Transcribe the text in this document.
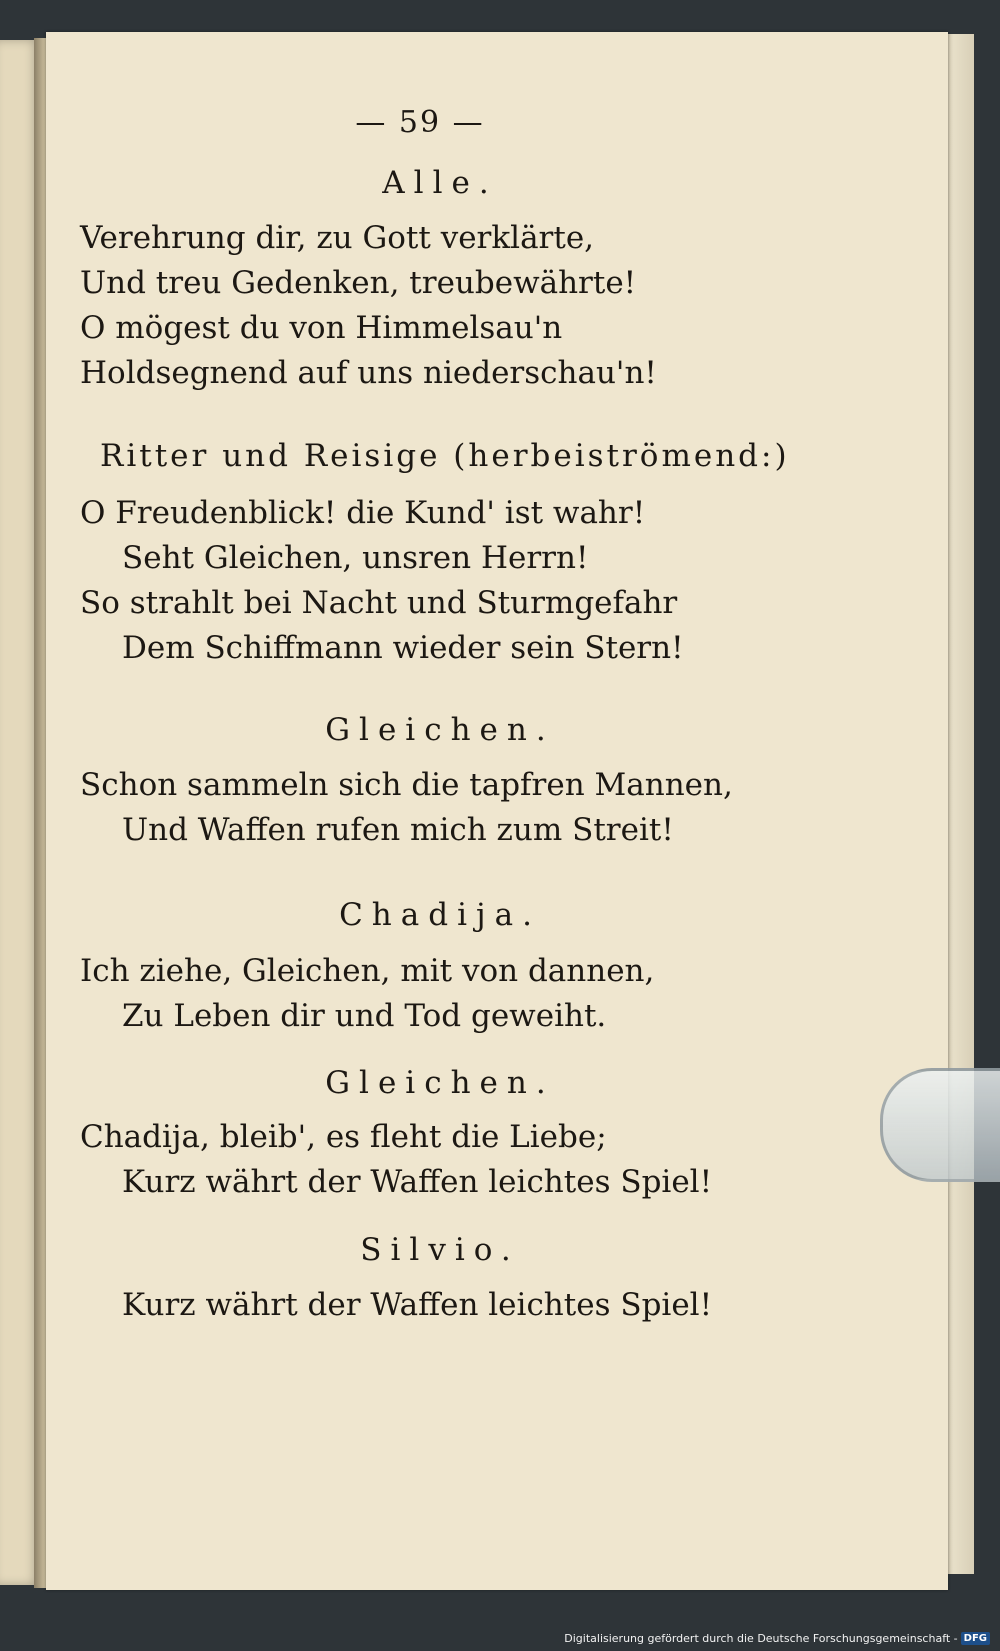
— 59 —
Alle.
Verehrung dir, zu Gott verklärte,
Und treu Gedenken, treubewährte!
O mögest du von Himmelsau'n
Holdsegnend auf uns niederschau'n!
Ritter und Reisige (herbeiströmend:)
O Freudenblick! die Kund' ist wahr!
Seht Gleichen, unsren Herrn!
So strahlt bei Nacht und Sturmgefahr
Dem Schiffmann wieder sein Stern!
Gleichen.
Schon sammeln sich die tapfren Mannen,
Und Waffen rufen mich zum Streit!
Chadija.
Ich ziehe, Gleichen, mit von dannen,
Zu Leben dir und Tod geweiht.
Gleichen.
Chadija, bleib', es fleht die Liebe;
Kurz währt der Waffen leichtes Spiel!
Silvio.
Kurz währt der Waffen leichtes Spiel!
Digitalisierung gefördert durch die Deutsche Forschungsgemeinschaft - DFG
